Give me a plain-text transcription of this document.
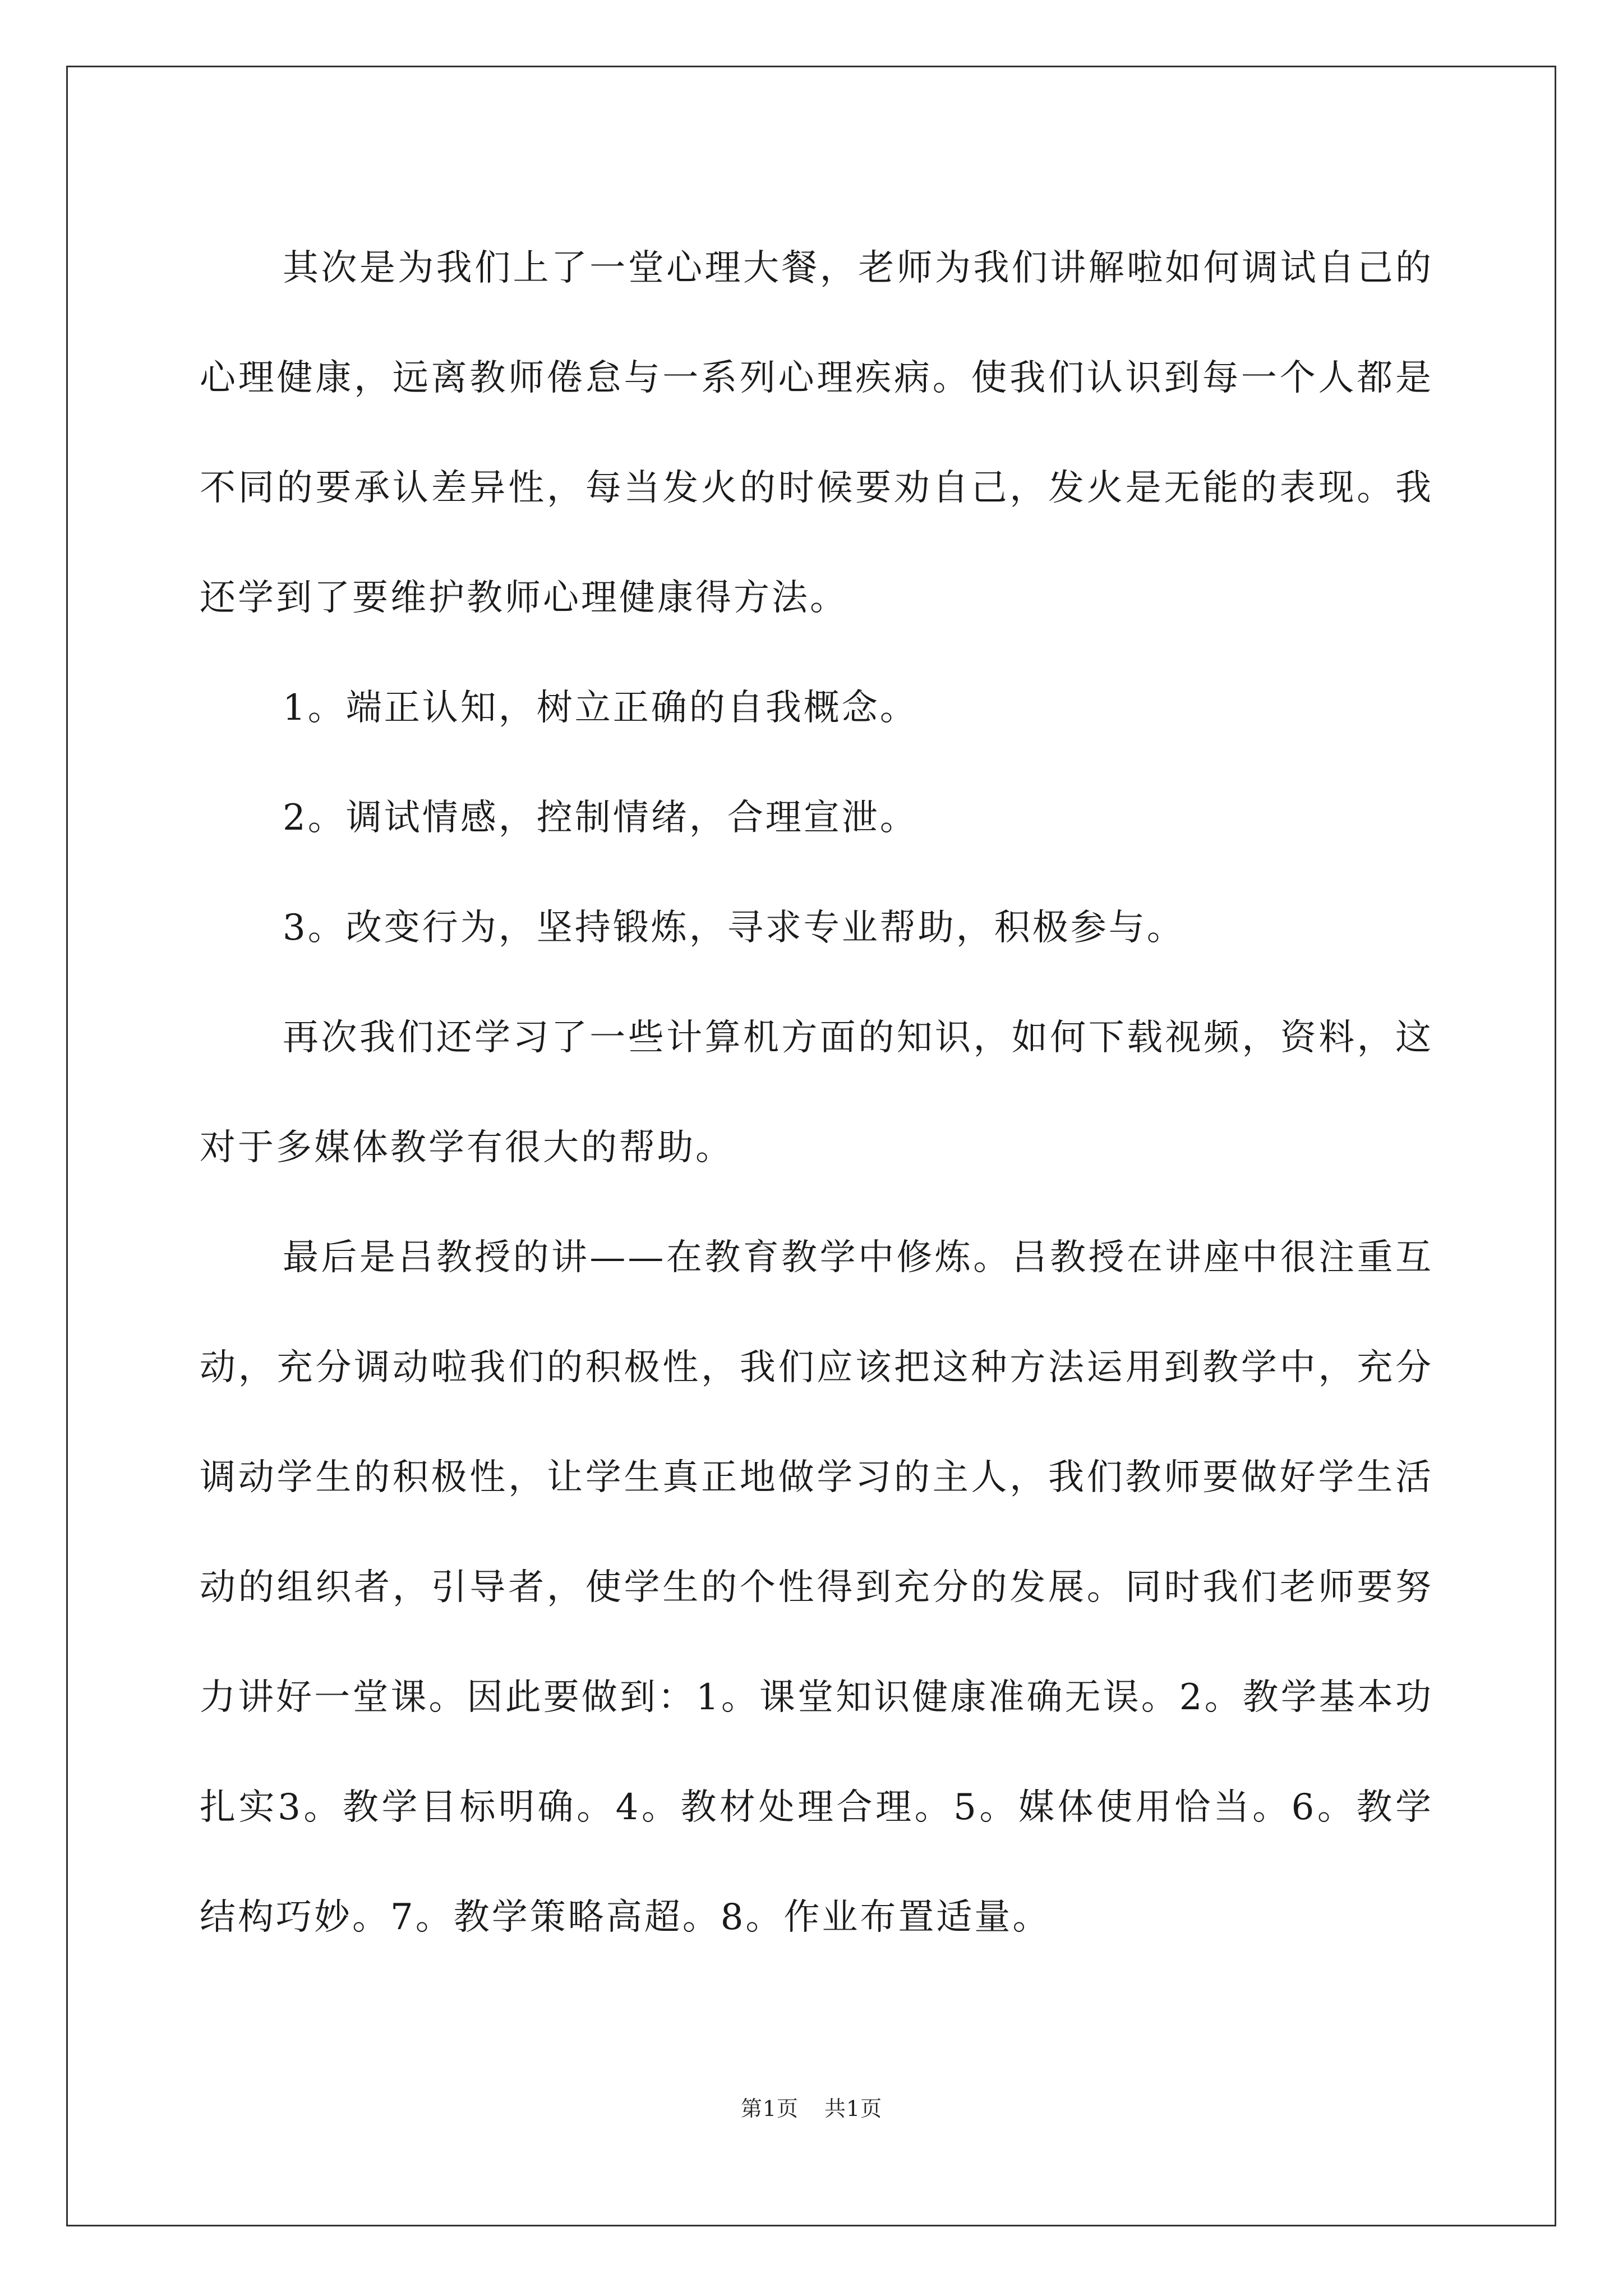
其次是为我们上了一堂心理大餐，老师为我们讲解啦如何调试自己的心理健康，远离教师倦怠与一系列心理疾病。使我们认识到每一个人都是不同的要承认差异性，每当发火的时候要劝自己，发火是无能的表现。我还学到了要维护教师心理健康得方法。

1。端正认知，树立正确的自我概念。

2。调试情感，控制情绪，合理宣泄。

3。改变行为，坚持锻炼，寻求专业帮助，积极参与。

再次我们还学习了一些计算机方面的知识，如何下载视频，资料，这对于多媒体教学有很大的帮助。

最后是吕教授的讲——在教育教学中修炼。吕教授在讲座中很注重互动，充分调动啦我们的积极性，我们应该把这种方法运用到教学中，充分调动学生的积极性，让学生真正地做学习的主人，我们教师要做好学生活动的组织者，引导者，使学生的个性得到充分的发展。同时我们老师要努力讲好一堂课。因此要做到：1。课堂知识健康准确无误。2。教学基本功扎实3。教学目标明确。4。教材处理合理。5。媒体使用恰当。6。教学结构巧妙。7。教学策略高超。8。作业布置适量。

第1页 共1页
